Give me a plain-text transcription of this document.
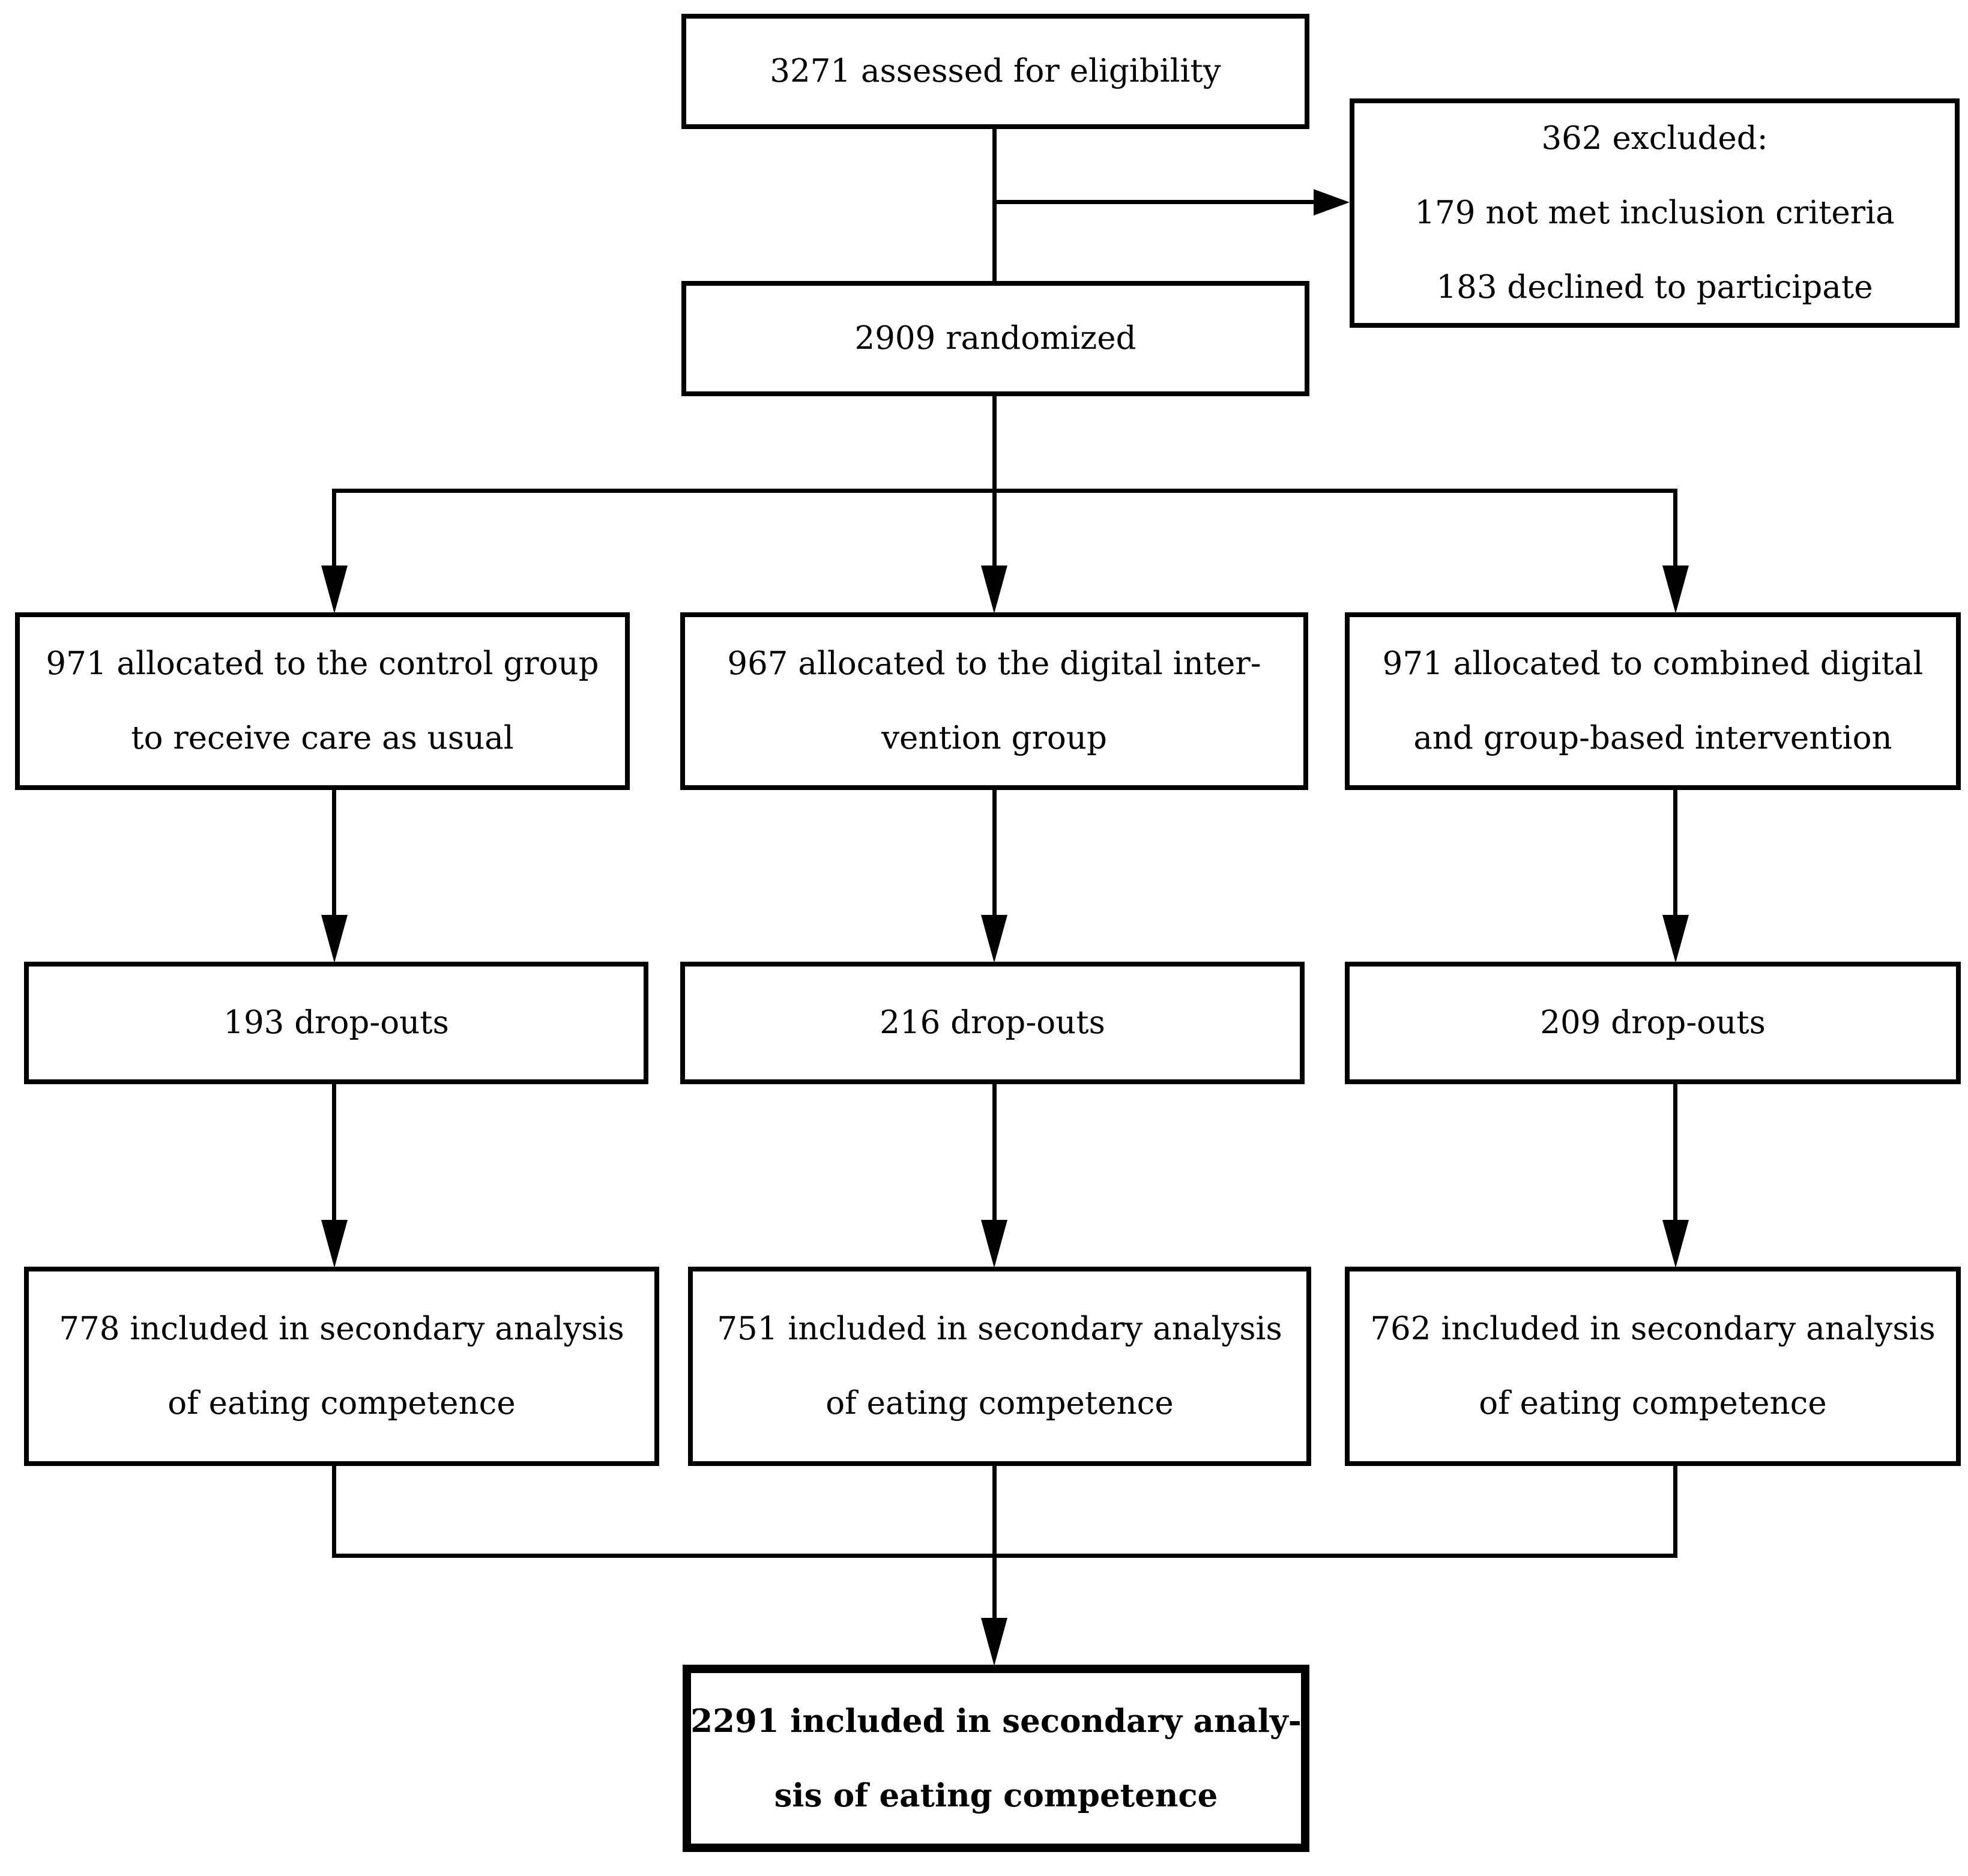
3271 assessed for eligibility
362 excluded:
179 not met inclusion criteria
183 declined to participate
2909 randomized
971 allocated to the control group
to receive care as usual
967 allocated to the digital inter-
vention group
971 allocated to combined digital
and group-based intervention
193 drop-outs	216 drop-outs	209 drop-outs
778 included in secondary analysis
of eating competence
751 included in secondary analysis
of eating competence
762 included in secondary analysis
of eating competence
2291 included in secondary analy-
sis of eating competence
